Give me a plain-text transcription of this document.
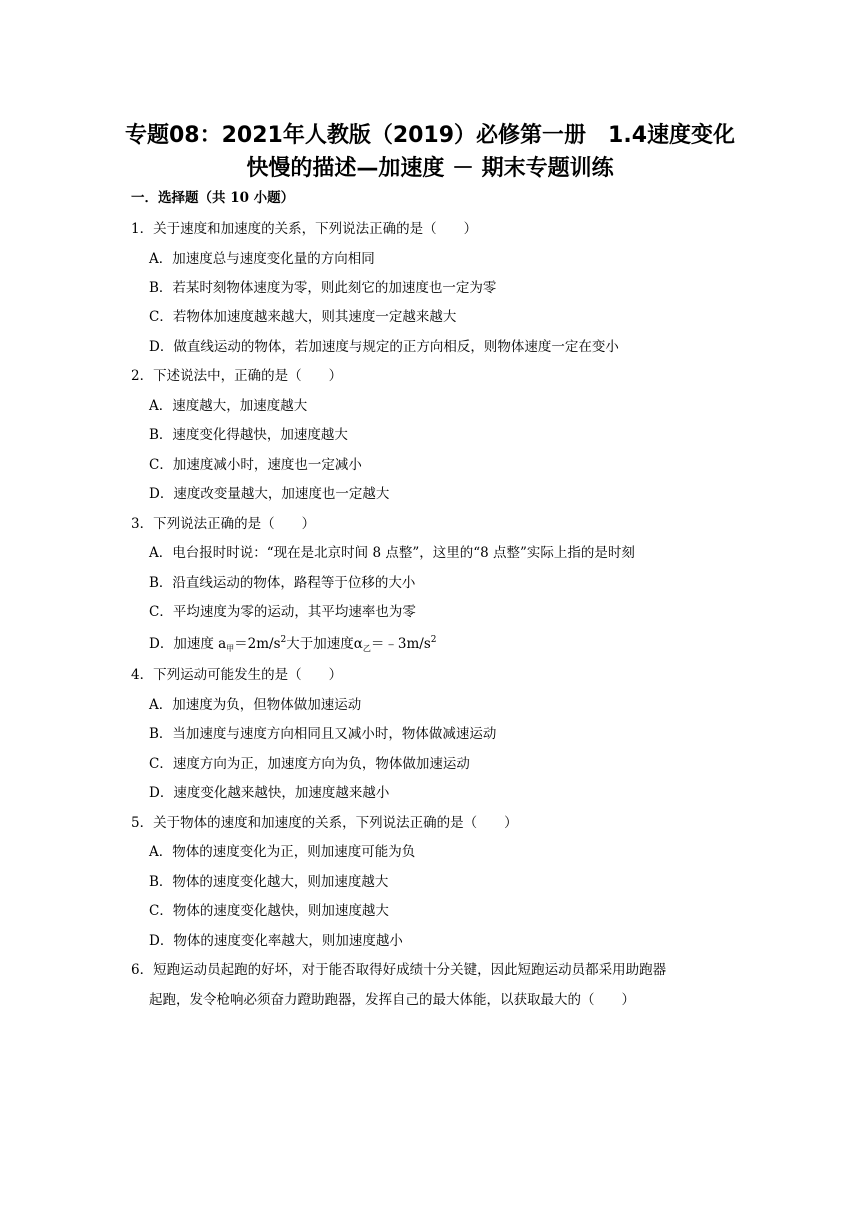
专题08：2021年人教版（2019）必修第一册　1.4速度变化
快慢的描述—加速度 － 期末专题训练
一．选择题（共 10 小题）
1．关于速度和加速度的关系，下列说法正确的是（　　）
A．加速度总与速度变化量的方向相同
B．若某时刻物体速度为零，则此刻它的加速度也一定为零
C．若物体加速度越来越大，则其速度一定越来越大
D．做直线运动的物体，若加速度与规定的正方向相反，则物体速度一定在变小
2．下述说法中，正确的是（　　）
A．速度越大，加速度越大
B．速度变化得越快，加速度越大
C．加速度减小时，速度也一定减小
D．速度改变量越大，加速度也一定越大
3．下列说法正确的是（　　）
A．电台报时时说：“现在是北京时间 8 点整”，这里的“8 点整”实际上指的是时刻
B．沿直线运动的物体，路程等于位移的大小
C．平均速度为零的运动，其平均速率也为零
D．加速度 $a_甲=2m/s^2$大于加速度$\alpha_乙=﹣3m/s^2$
4．下列运动可能发生的是（　　）
A．加速度为负，但物体做加速运动
B．当加速度与速度方向相同且又减小时，物体做减速运动
C．速度方向为正，加速度方向为负，物体做加速运动
D．速度变化越来越快，加速度越来越小
5．关于物体的速度和加速度的关系，下列说法正确的是（　　）
A．物体的速度变化为正，则加速度可能为负
B．物体的速度变化越大，则加速度越大
C．物体的速度变化越快，则加速度越大
D．物体的速度变化率越大，则加速度越小
6．短跑运动员起跑的好坏，对于能否取得好成绩十分关键，因此短跑运动员都采用助跑器
起跑，发令枪响必须奋力蹬助跑器，发挥自己的最大体能，以获取最大的（　　）
